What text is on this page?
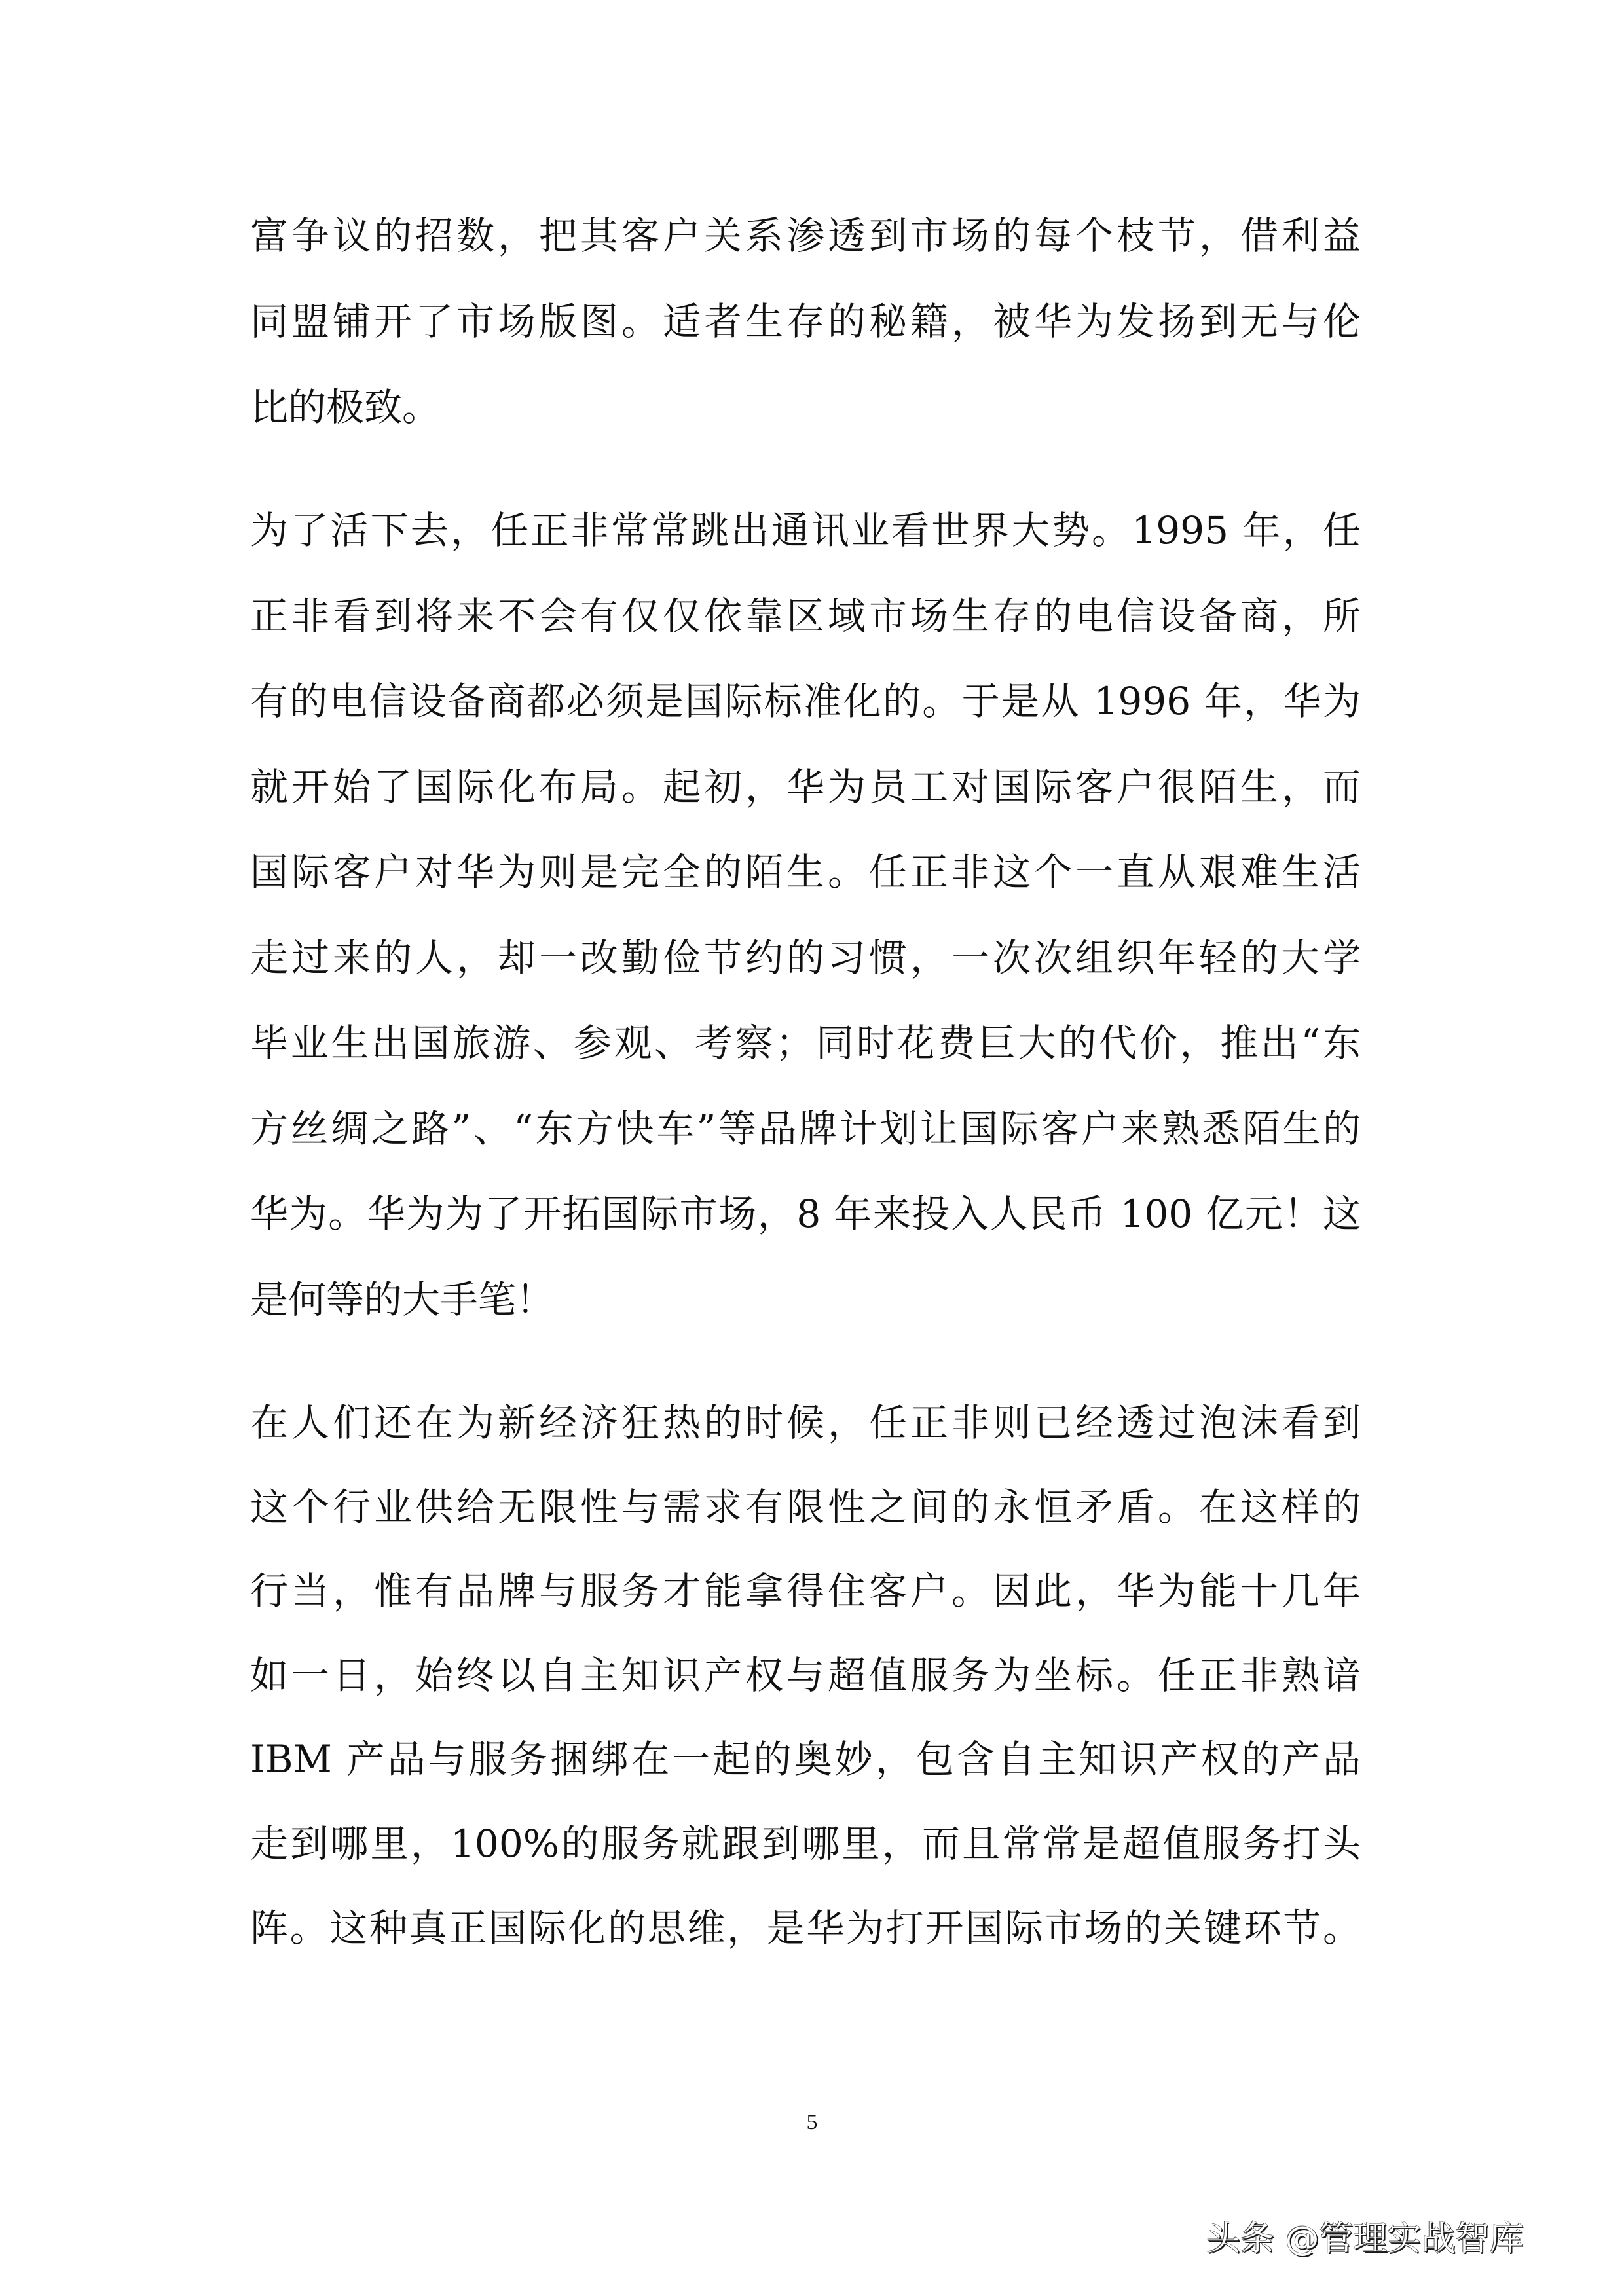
富争议的招数，把其客户关系渗透到市场的每个枝节，借利益
同盟铺开了市场版图。适者生存的秘籍，被华为发扬到无与伦
比的极致。
为了活下去，任正非常常跳出通讯业看世界大势。1995 年，任
正非看到将来不会有仅仅依靠区域市场生存的电信设备商，所
有的电信设备商都必须是国际标准化的。于是从 1996 年，华为
就开始了国际化布局。起初，华为员工对国际客户很陌生，而
国际客户对华为则是完全的陌生。任正非这个一直从艰难生活
走过来的人，却一改勤俭节约的习惯，一次次组织年轻的大学
毕业生出国旅游、参观、考察；同时花费巨大的代价，推出“东
方丝绸之路”、“东方快车”等品牌计划让国际客户来熟悉陌生的
华为。华为为了开拓国际市场，8 年来投入人民币 100 亿元！这
是何等的大手笔！
在人们还在为新经济狂热的时候，任正非则已经透过泡沫看到
这个行业供给无限性与需求有限性之间的永恒矛盾。在这样的
行当，惟有品牌与服务才能拿得住客户。因此，华为能十几年
如一日，始终以自主知识产权与超值服务为坐标。任正非熟谙
IBM 产品与服务捆绑在一起的奥妙，包含自主知识产权的产品
走到哪里，100%的服务就跟到哪里，而且常常是超值服务打头
阵。这种真正国际化的思维，是华为打开国际市场的关键环节。
5
头条 @管理实战智库
